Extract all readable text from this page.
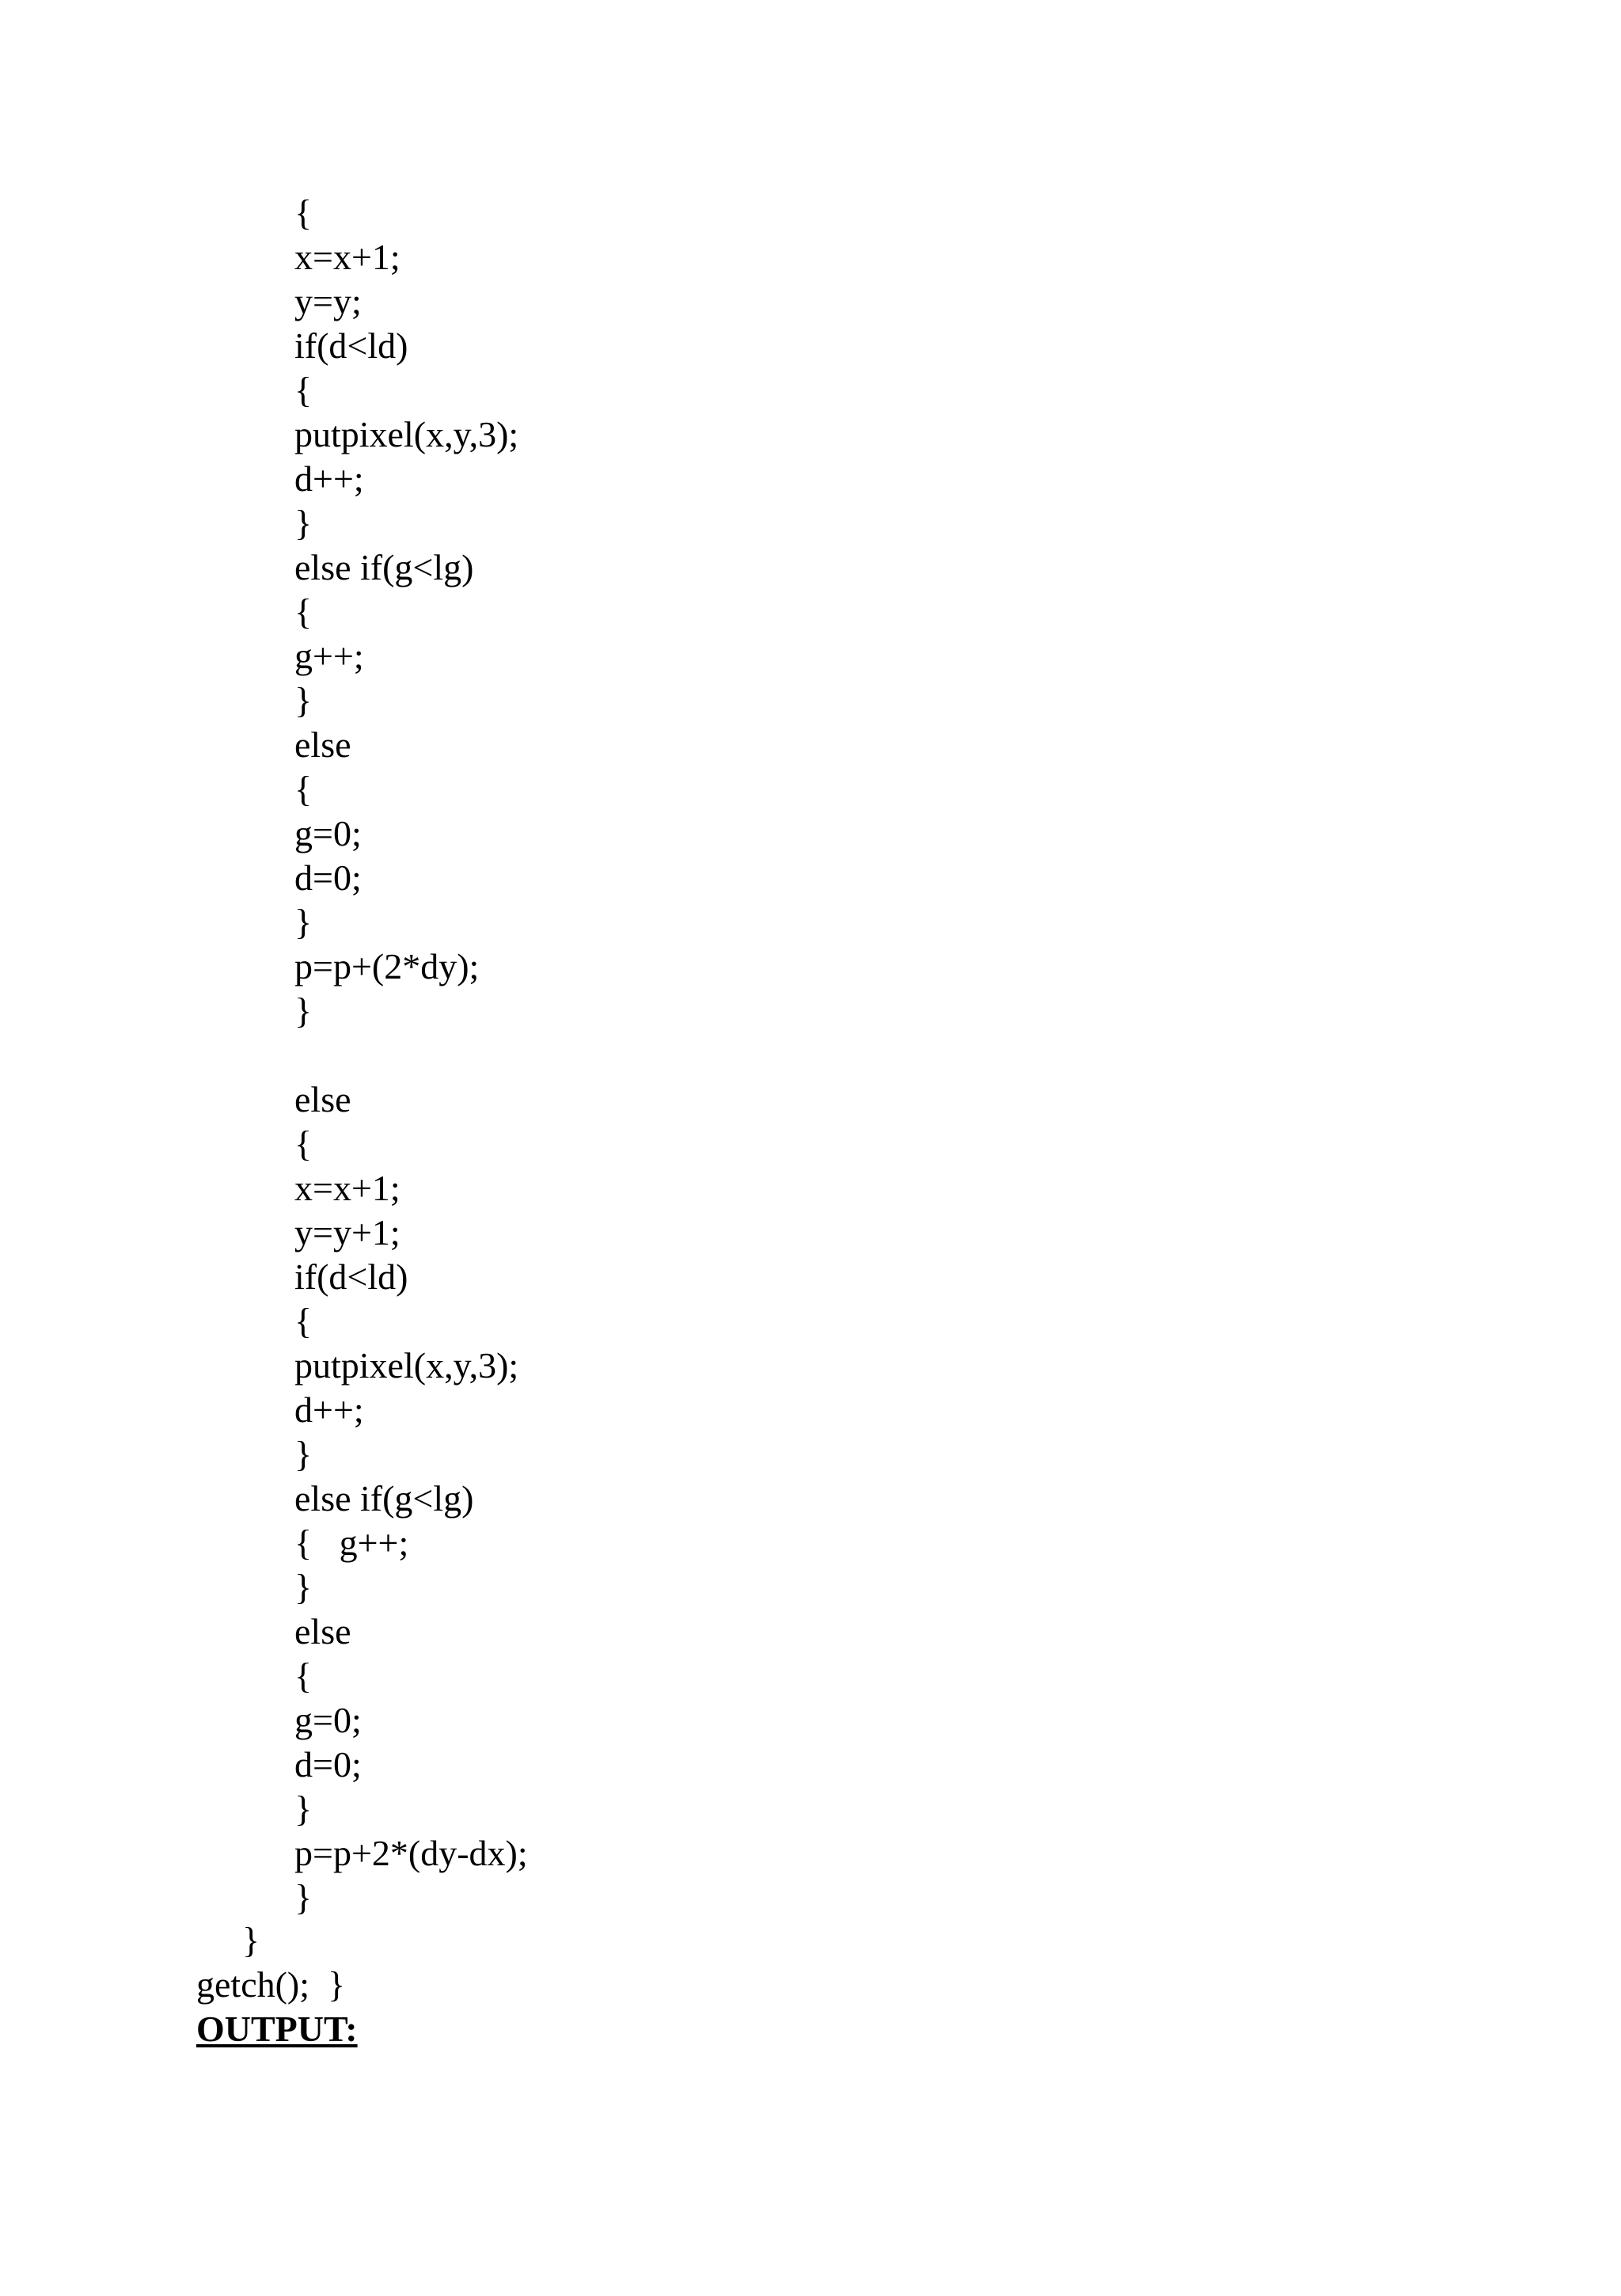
{
x=x+1;
y=y;
if(d<ld)
{
putpixel(x,y,3);
d++;
}
else if(g<lg)
{
g++;
}
else
{
g=0;
d=0;
}
p=p+(2*dy);
}
else
{
x=x+1;
y=y+1;
if(d<ld)
{
putpixel(x,y,3);
d++;
}
else if(g<lg)
{   g++;
}
else
{
g=0;
d=0;
}
p=p+2*(dy-dx);
}
}
getch();  }
OUTPUT:
